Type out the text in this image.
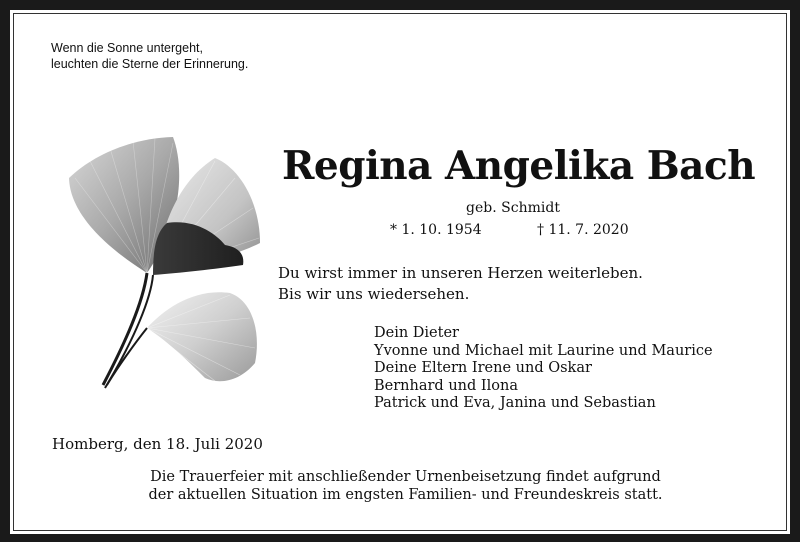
Wenn die Sonne untergeht,
leuchten die Sterne der Erinnerung.
Regina Angelika Bach
geb. Schmidt
* 1. 10. 1954	† 11. 7. 2020
Du wirst immer in unseren Herzen weiterleben.
Bis wir uns wiedersehen.
Dein Dieter
Yvonne und Michael mit Laurine und Maurice
Deine Eltern Irene und Oskar
Bernhard und Ilona
Patrick und Eva, Janina und Sebastian
Homberg, den 18. Juli 2020
Die Trauerfeier mit anschließender Urnenbeisetzung findet aufgrund
der aktuellen Situation im engsten Familien- und Freundeskreis statt.
